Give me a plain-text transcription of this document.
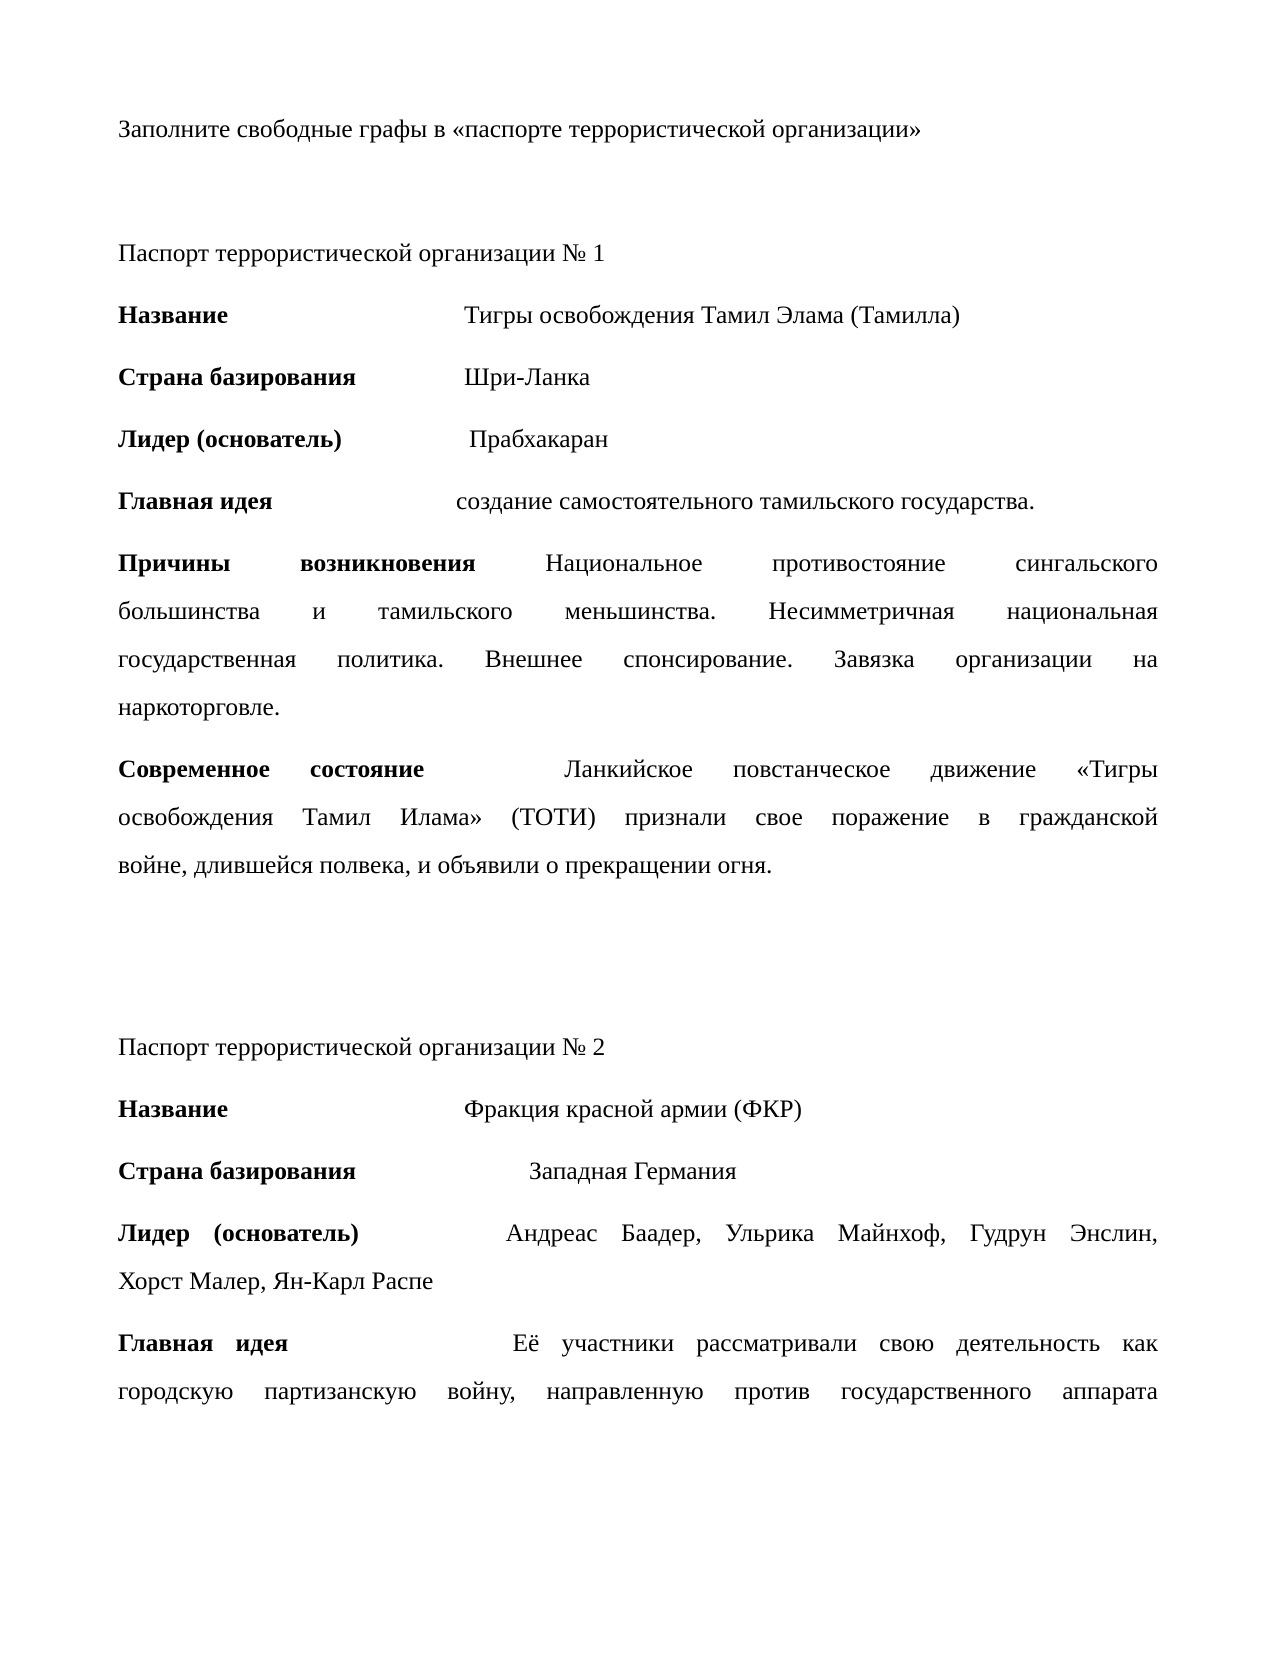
Заполните свободные графы в «паспорте террористической организации»
Паспорт террористической организации № 1
Название	Тигры освобождения Тамил Элама (Тамилла)
Страна базирования	Шри-Ланка
Лидер (основатель)	Прабхакаран
Главная идея	создание самостоятельного тамильского государства.
Причины возникновения	Национальное противостояние сингальского
большинства и тамильского меньшинства. Несимметричная национальная
государственная политика. Внешнее спонсирование. Завязка организации на
наркоторговле.
Современное состояние	Ланкийское повстанческое движение «Тигры
освобождения Тамил Илама» (ТОТИ) признали свое поражение в гражданской
войне, длившейся полвека, и объявили о прекращении огня.
Паспорт террористической организации № 2
Название	Фракция красной армии (ФКР)
Страна базирования	Западная Германия
Лидер (основатель)	Андреас Баадер, Ульрика Майнхоф, Гудрун Энслин,
Хорст Малер, Ян-Карл Распе
Главная идея	Её участники рассматривали свою деятельность как
городскую партизанскую войну, направленную против государственного аппарата
